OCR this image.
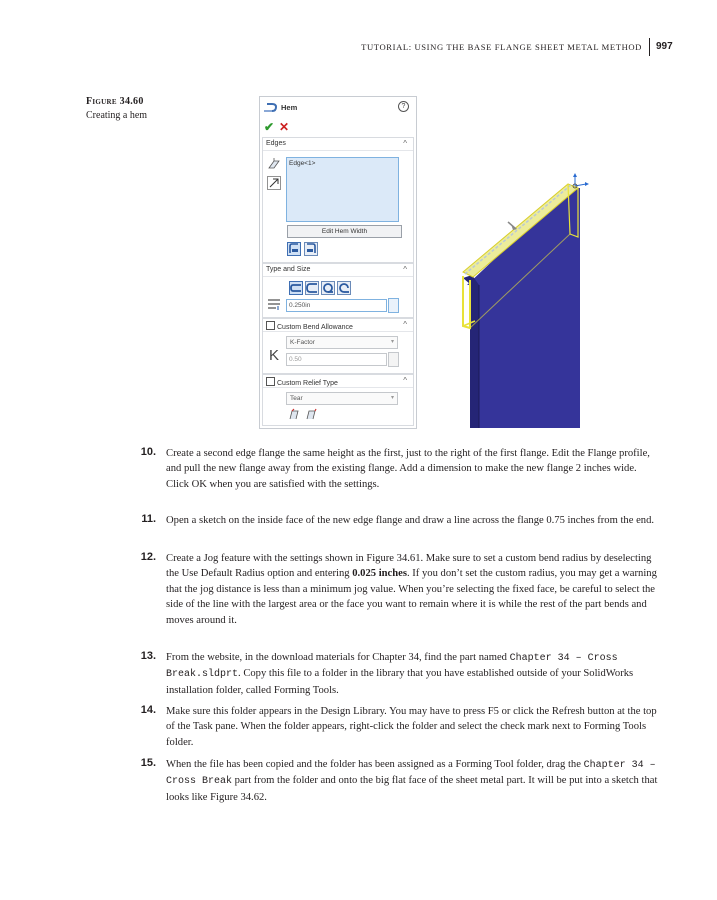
TUTORIAL: USING THE BASE FLANGE SHEET METAL METHOD 997
Figure 34.60
Creating a hem
Hem	?
✔ ✕
Edges	^
Edge<1>
Edit Hem Width
Type and Size	^
0.250in
Custom Bend Allowance	^
K-Factor	▾
K	0.50
Custom Relief Type	^
Tear	▾
10. Create a second edge flange the same height as the first, just to the right of the first flange. Edit the Flange profile, and pull the new flange away from the existing flange. Add a dimension to make the new flange 2 inches wide. Click OK when you are satisfied with the settings.
11. Open a sketch on the inside face of the new edge flange and draw a line across the flange 0.75 inches from the end.
12. Create a Jog feature with the settings shown in Figure 34.61. Make sure to set a custom bend radius by deselecting the Use Default Radius option and entering 0.025 inches. If you don’t set the custom radius, you may get a warning that the jog distance is less than a minimum jog value. When you’re selecting the fixed face, be careful to select the side of the line with the largest area or the face you want to remain where it is while the rest of the part bends and moves around it.
13. From the website, in the download materials for Chapter 34, find the part named Chapter 34 – Cross Break.sldprt. Copy this file to a folder in the library that you have established outside of your SolidWorks installation folder, called Forming Tools.
14. Make sure this folder appears in the Design Library. You may have to press F5 or click the Refresh button at the top of the Task pane. When the folder appears, right-click the folder and select the check mark next to Forming Tools folder.
15. When the file has been copied and the folder has been assigned as a Forming Tool folder, drag the Chapter 34 – Cross Break part from the folder and onto the big flat face of the sheet metal part. It will be put into a sketch that looks like Figure 34.62.
